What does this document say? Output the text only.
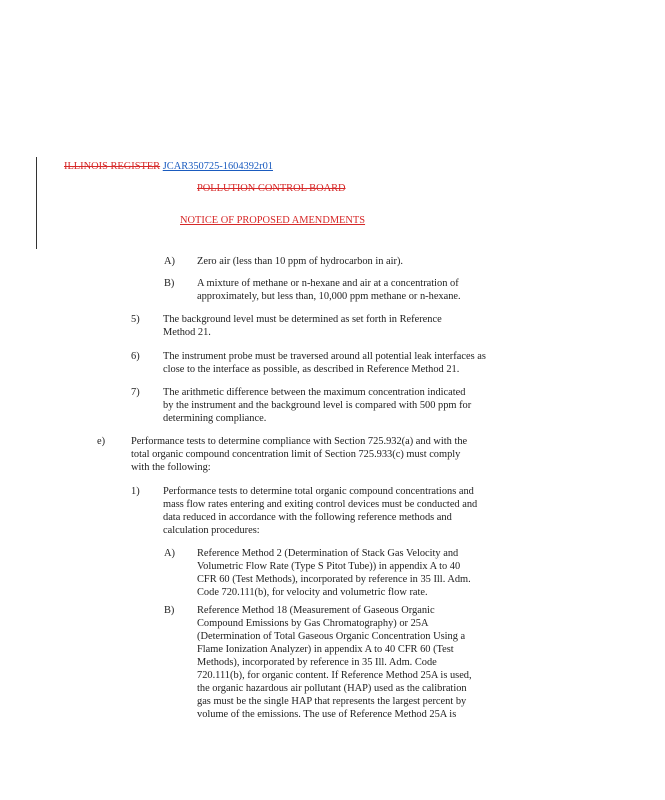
ILLINOIS REGISTER JCAR350725-1604392r01
POLLUTION CONTROL BOARD
NOTICE OF PROPOSED AMENDMENTS
A) Zero air (less than 10 ppm of hydrocarbon in air).
B) A mixture of methane or n-hexane and air at a concentration of approximately, but less than, 10,000 ppm methane or n-hexane.
5) The background level must be determined as set forth in Reference Method 21.
6) The instrument probe must be traversed around all potential leak interfaces as close to the interface as possible, as described in Reference Method 21.
7) The arithmetic difference between the maximum concentration indicated by the instrument and the background level is compared with 500 ppm for determining compliance.
e) Performance tests to determine compliance with Section 725.932(a) and with the total organic compound concentration limit of Section 725.933(c) must comply with the following:
1) Performance tests to determine total organic compound concentrations and mass flow rates entering and exiting control devices must be conducted and data reduced in accordance with the following reference methods and calculation procedures:
A) Reference Method 2 (Determination of Stack Gas Velocity and Volumetric Flow Rate (Type S Pitot Tube)) in appendix A to 40 CFR 60 (Test Methods), incorporated by reference in 35 Ill. Adm. Code 720.111(b), for velocity and volumetric flow rate.
B) Reference Method 18 (Measurement of Gaseous Organic Compound Emissions by Gas Chromatography) or 25A (Determination of Total Gaseous Organic Concentration Using a Flame Ionization Analyzer) in appendix A to 40 CFR 60 (Test Methods), incorporated by reference in 35 Ill. Adm. Code 720.111(b), for organic content. If Reference Method 25A is used, the organic hazardous air pollutant (HAP) used as the calibration gas must be the single HAP that represents the largest percent by volume of the emissions. The use of Reference Method 25A is
